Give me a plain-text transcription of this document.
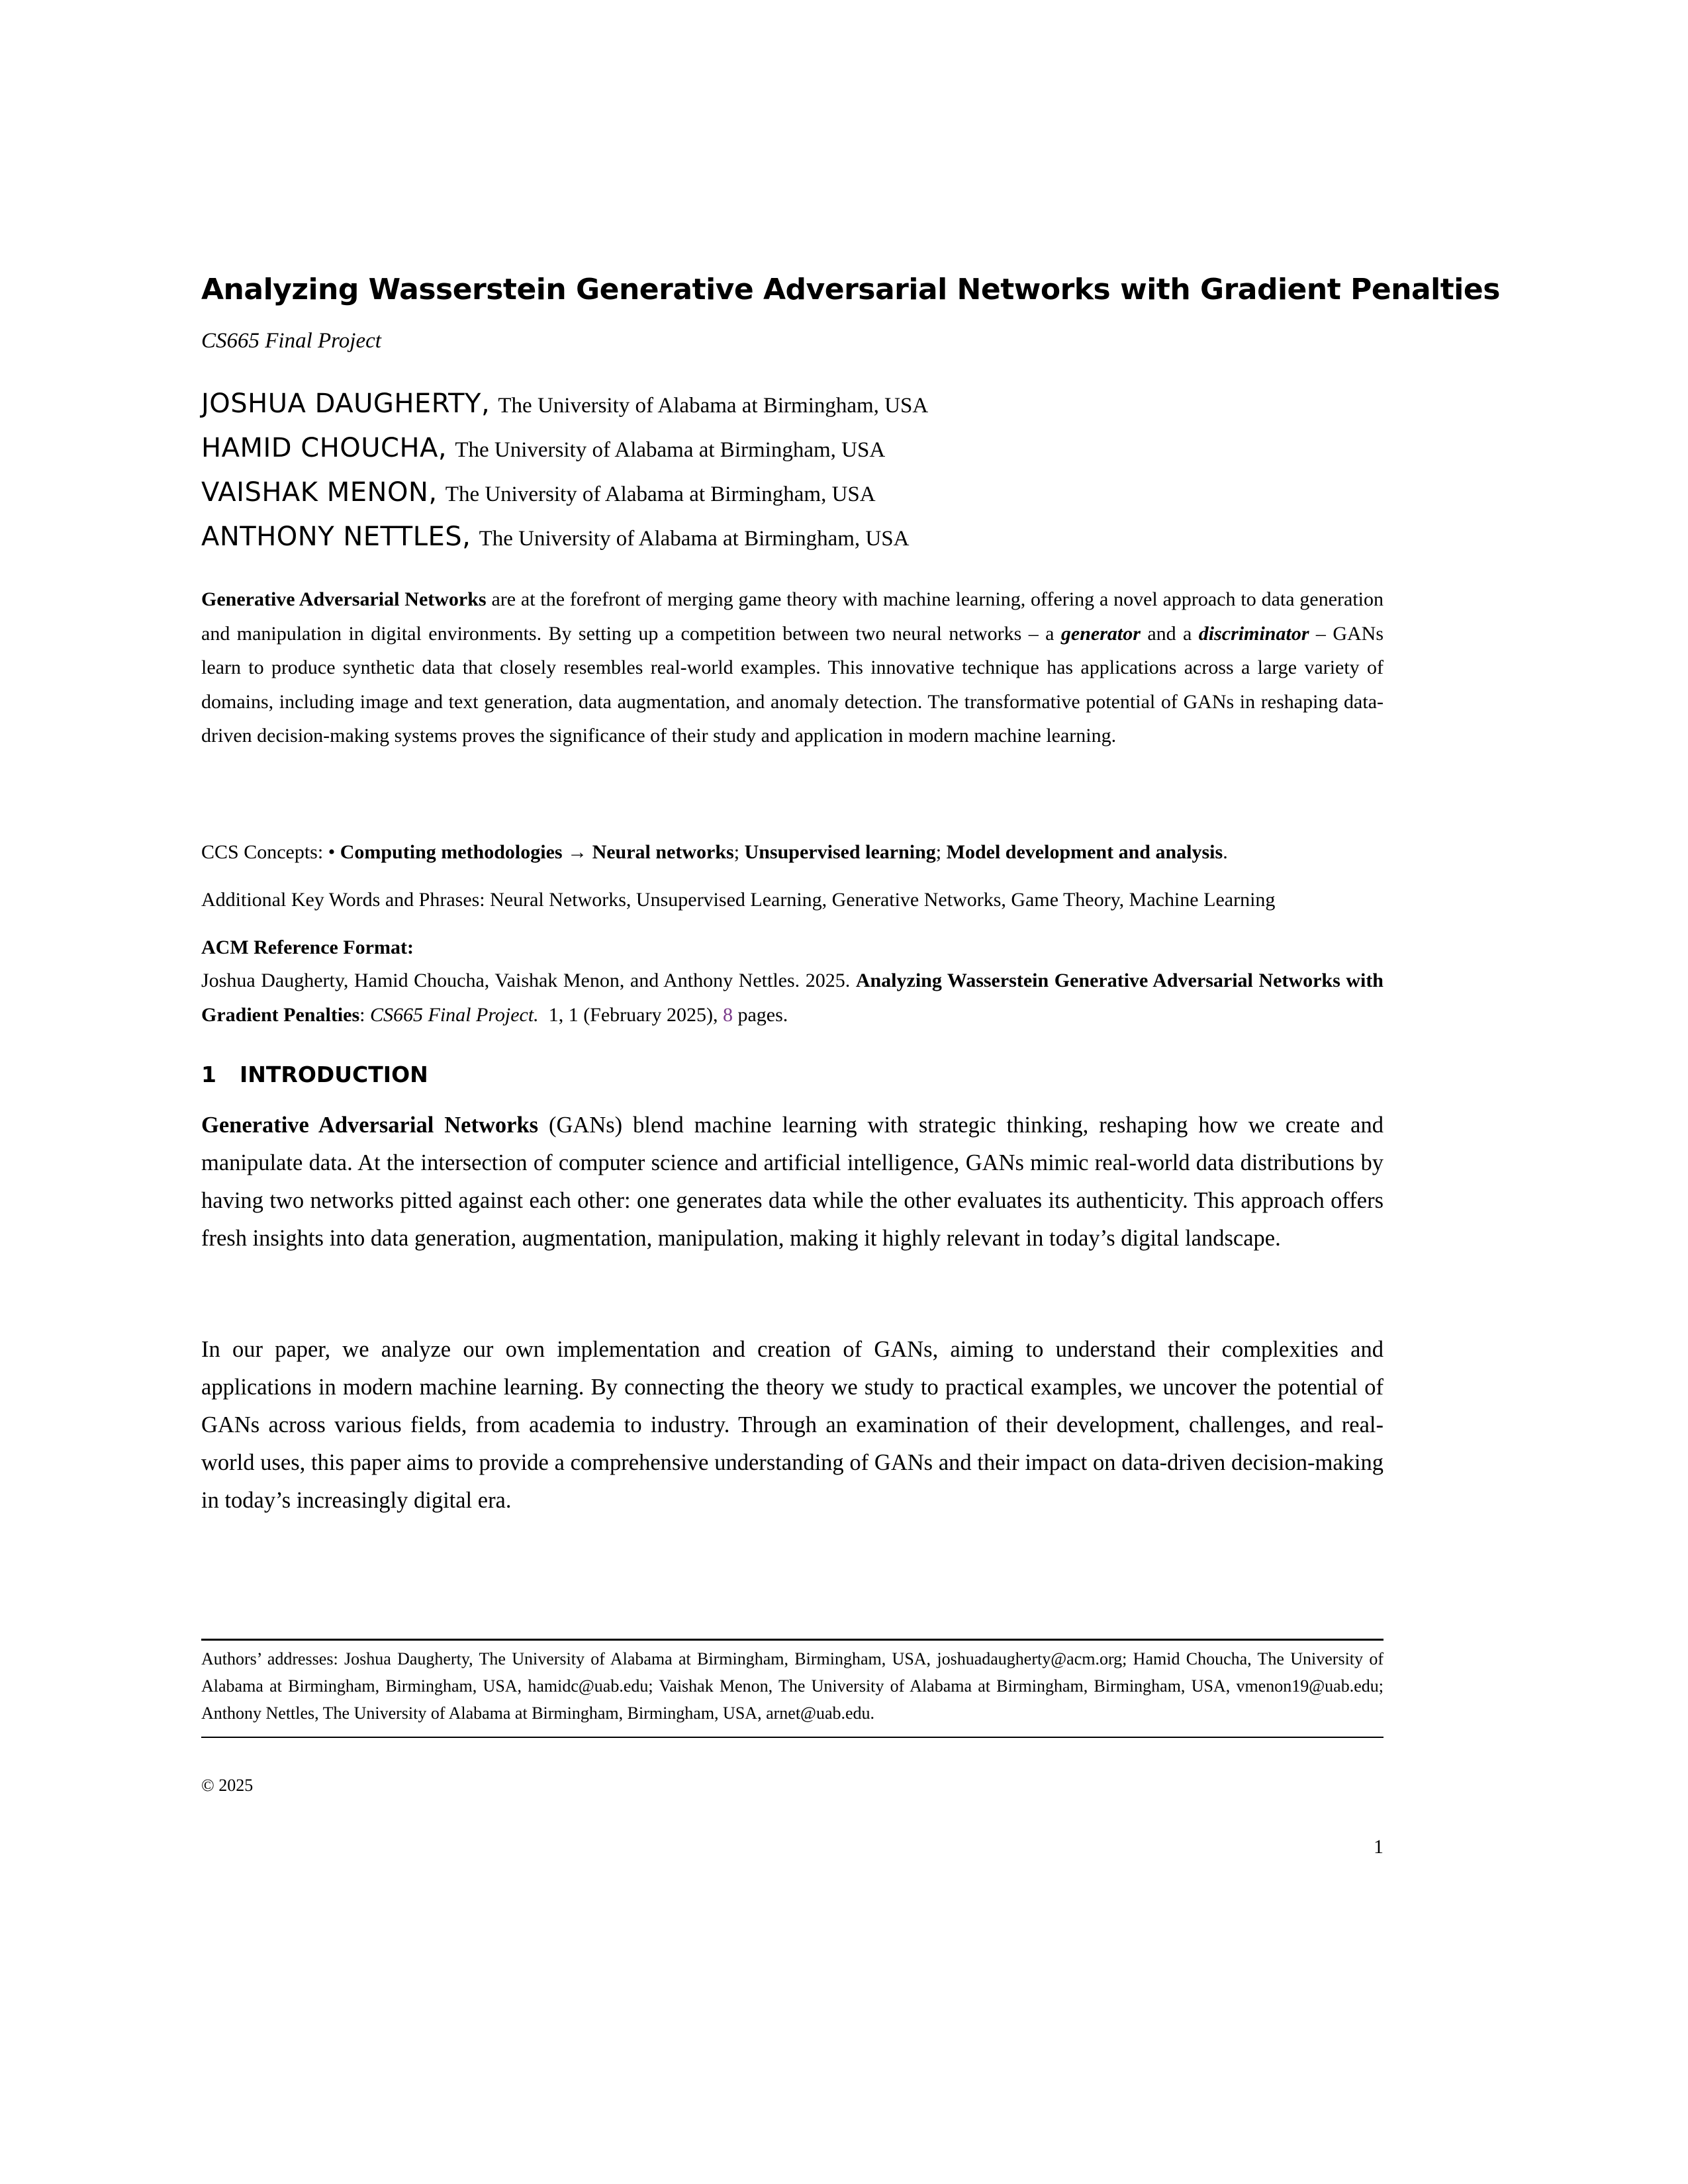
Analyzing Wasserstein Generative Adversarial Networks with Gradient Penalties
CS665 Final Project
JOSHUA DAUGHERTY, The University of Alabama at Birmingham, USA
HAMID CHOUCHA, The University of Alabama at Birmingham, USA
VAISHAK MENON, The University of Alabama at Birmingham, USA
ANTHONY NETTLES, The University of Alabama at Birmingham, USA
Generative Adversarial Networks are at the forefront of merging game theory with machine learning, offering a novel approach to data generation and manipulation in digital environments. By setting up a competition between two neural networks – a generator and a discriminator – GANs learn to produce synthetic data that closely resembles real-world examples. This innovative technique has applications across a large variety of domains, including image and text generation, data augmentation, and anomaly detection. The transformative potential of GANs in reshaping data-driven decision-making systems proves the significance of their study and application in modern machine learning.
CCS Concepts: • Computing methodologies → Neural networks; Unsupervised learning; Model development and analysis.
Additional Key Words and Phrases: Neural Networks, Unsupervised Learning, Generative Networks, Game Theory, Machine Learning
ACM Reference Format:
Joshua Daugherty, Hamid Choucha, Vaishak Menon, and Anthony Nettles. 2025. Analyzing Wasserstein Generative Adversarial Networks with Gradient Penalties: CS665 Final Project.  1, 1 (February 2025), 8 pages.
1 INTRODUCTION
Generative Adversarial Networks (GANs) blend machine learning with strategic thinking, reshaping how we create and manipulate data. At the intersection of computer science and artificial intelligence, GANs mimic real-world data distributions by having two networks pitted against each other: one generates data while the other evaluates its authenticity. This approach offers fresh insights into data generation, augmentation, manipulation, making it highly relevant in today’s digital landscape.
In our paper, we analyze our own implementation and creation of GANs, aiming to understand their complexities and applications in modern machine learning. By connecting the theory we study to practical examples, we uncover the potential of GANs across various fields, from academia to industry. Through an examination of their development, challenges, and real-world uses, this paper aims to provide a comprehensive understanding of GANs and their impact on data-driven decision-making in today’s increasingly digital era.
Authors’ addresses: Joshua Daugherty, The University of Alabama at Birmingham, Birmingham, USA, joshuadaugherty@acm.org; Hamid Choucha, The University of Alabama at Birmingham, Birmingham, USA, hamidc@uab.edu; Vaishak Menon, The University of Alabama at Birmingham, Birmingham, USA, vmenon19@uab.edu; Anthony Nettles, The University of Alabama at Birmingham, Birmingham, USA, arnet@uab.edu.
© 2025
1
